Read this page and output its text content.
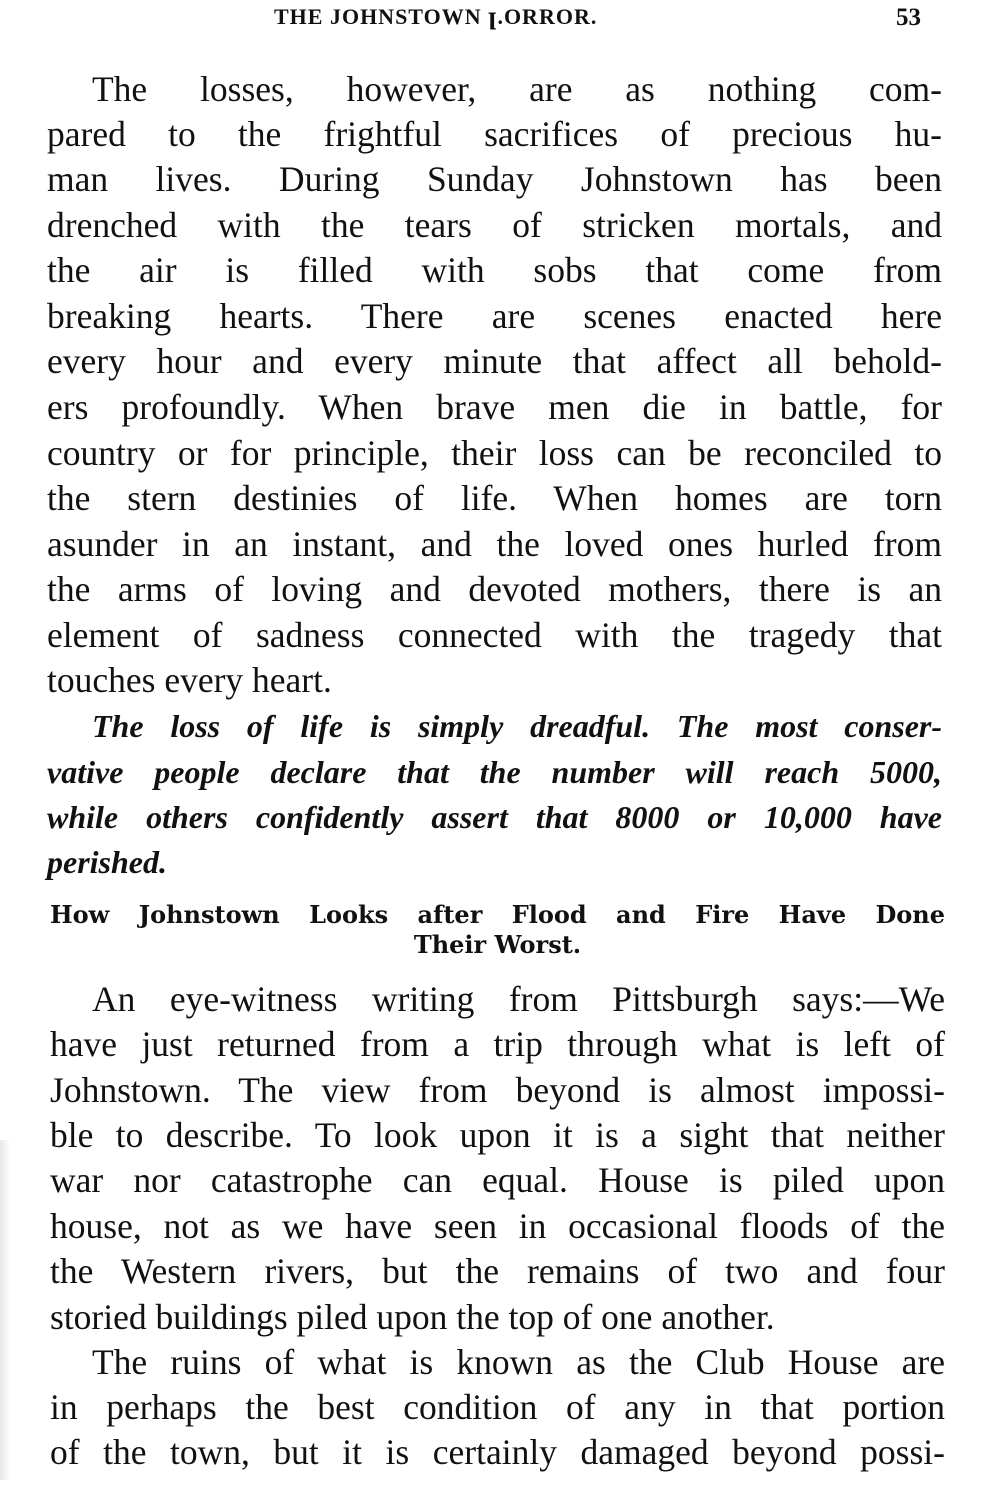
THE JOHNSTOWN ꞁ.ORROR.	53
The losses, however, are as nothing com-
pared to the frightful sacrifices of precious hu-
man lives. During Sunday Johnstown has been
drenched with the tears of stricken mortals, and
the air is filled with sobs that come from
breaking hearts. There are scenes enacted here
every hour and every minute that affect all behold-
ers profoundly. When brave men die in battle, for
country or for principle, their loss can be reconciled to
the stern destinies of life. When homes are torn
asunder in an instant, and the loved ones hurled from
the arms of loving and devoted mothers, there is an
element of sadness connected with the tragedy that
touches every heart.
The loss of life is simply dreadful. The most conser-
vative people declare that the number will reach 5000,
while others confidently assert that 8000 or 10,000 have
perished.
How Johnstown Looks after Flood and Fire Have Done
Their Worst.
An eye-witness writing from Pittsburgh says:—We
have just returned from a trip through what is left of
Johnstown. The view from beyond is almost impossi-
ble to describe. To look upon it is a sight that neither
war nor catastrophe can equal. House is piled upon
house, not as we have seen in occasional floods of the
the Western rivers, but the remains of two and four
storied buildings piled upon the top of one another.
The ruins of what is known as the Club House are
in perhaps the best condition of any in that portion
of the town, but it is certainly damaged beyond possi-
